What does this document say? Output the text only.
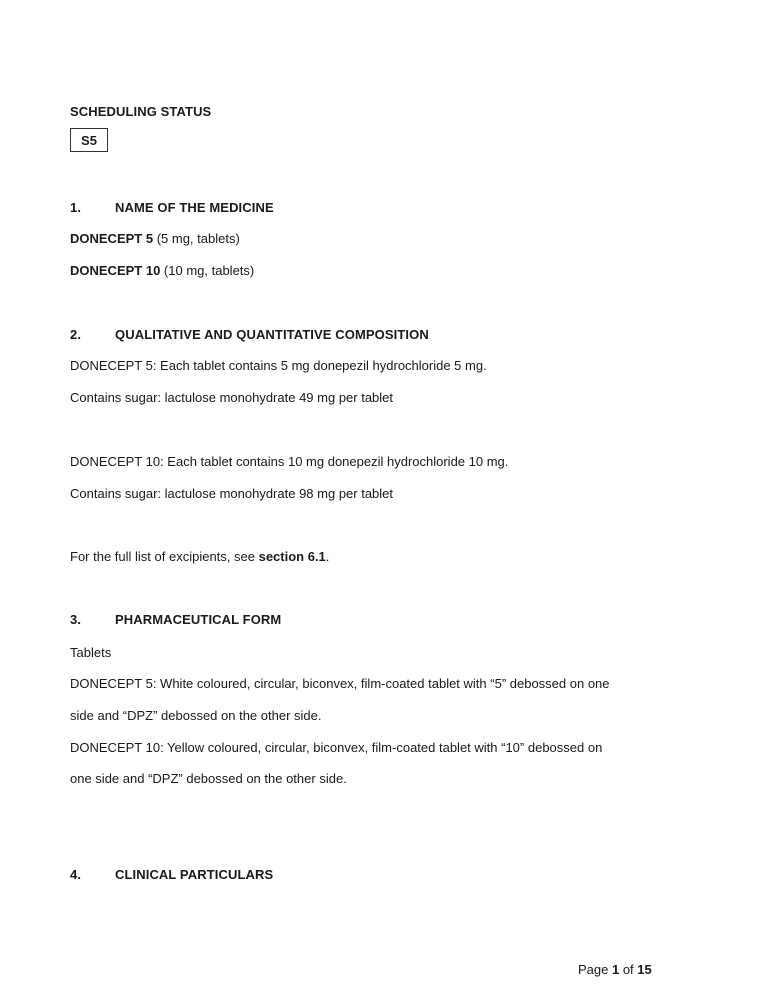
SCHEDULING STATUS
S5
1.	NAME OF THE MEDICINE
DONECEPT 5 (5 mg, tablets)
DONECEPT 10 (10 mg, tablets)
2.	QUALITATIVE AND QUANTITATIVE COMPOSITION
DONECEPT 5: Each tablet contains 5 mg donepezil hydrochloride 5 mg.
Contains sugar: lactulose monohydrate 49 mg per tablet
DONECEPT 10: Each tablet contains 10 mg donepezil hydrochloride 10 mg.
Contains sugar: lactulose monohydrate 98 mg per tablet
For the full list of excipients, see section 6.1.
3.	PHARMACEUTICAL FORM
Tablets
DONECEPT 5: White coloured, circular, biconvex, film-coated tablet with “5” debossed on one
side and “DPZ” debossed on the other side.
DONECEPT 10: Yellow coloured, circular, biconvex, film-coated tablet with “10” debossed on
one side and “DPZ” debossed on the other side.
4.	CLINICAL PARTICULARS
Page 1 of 15
